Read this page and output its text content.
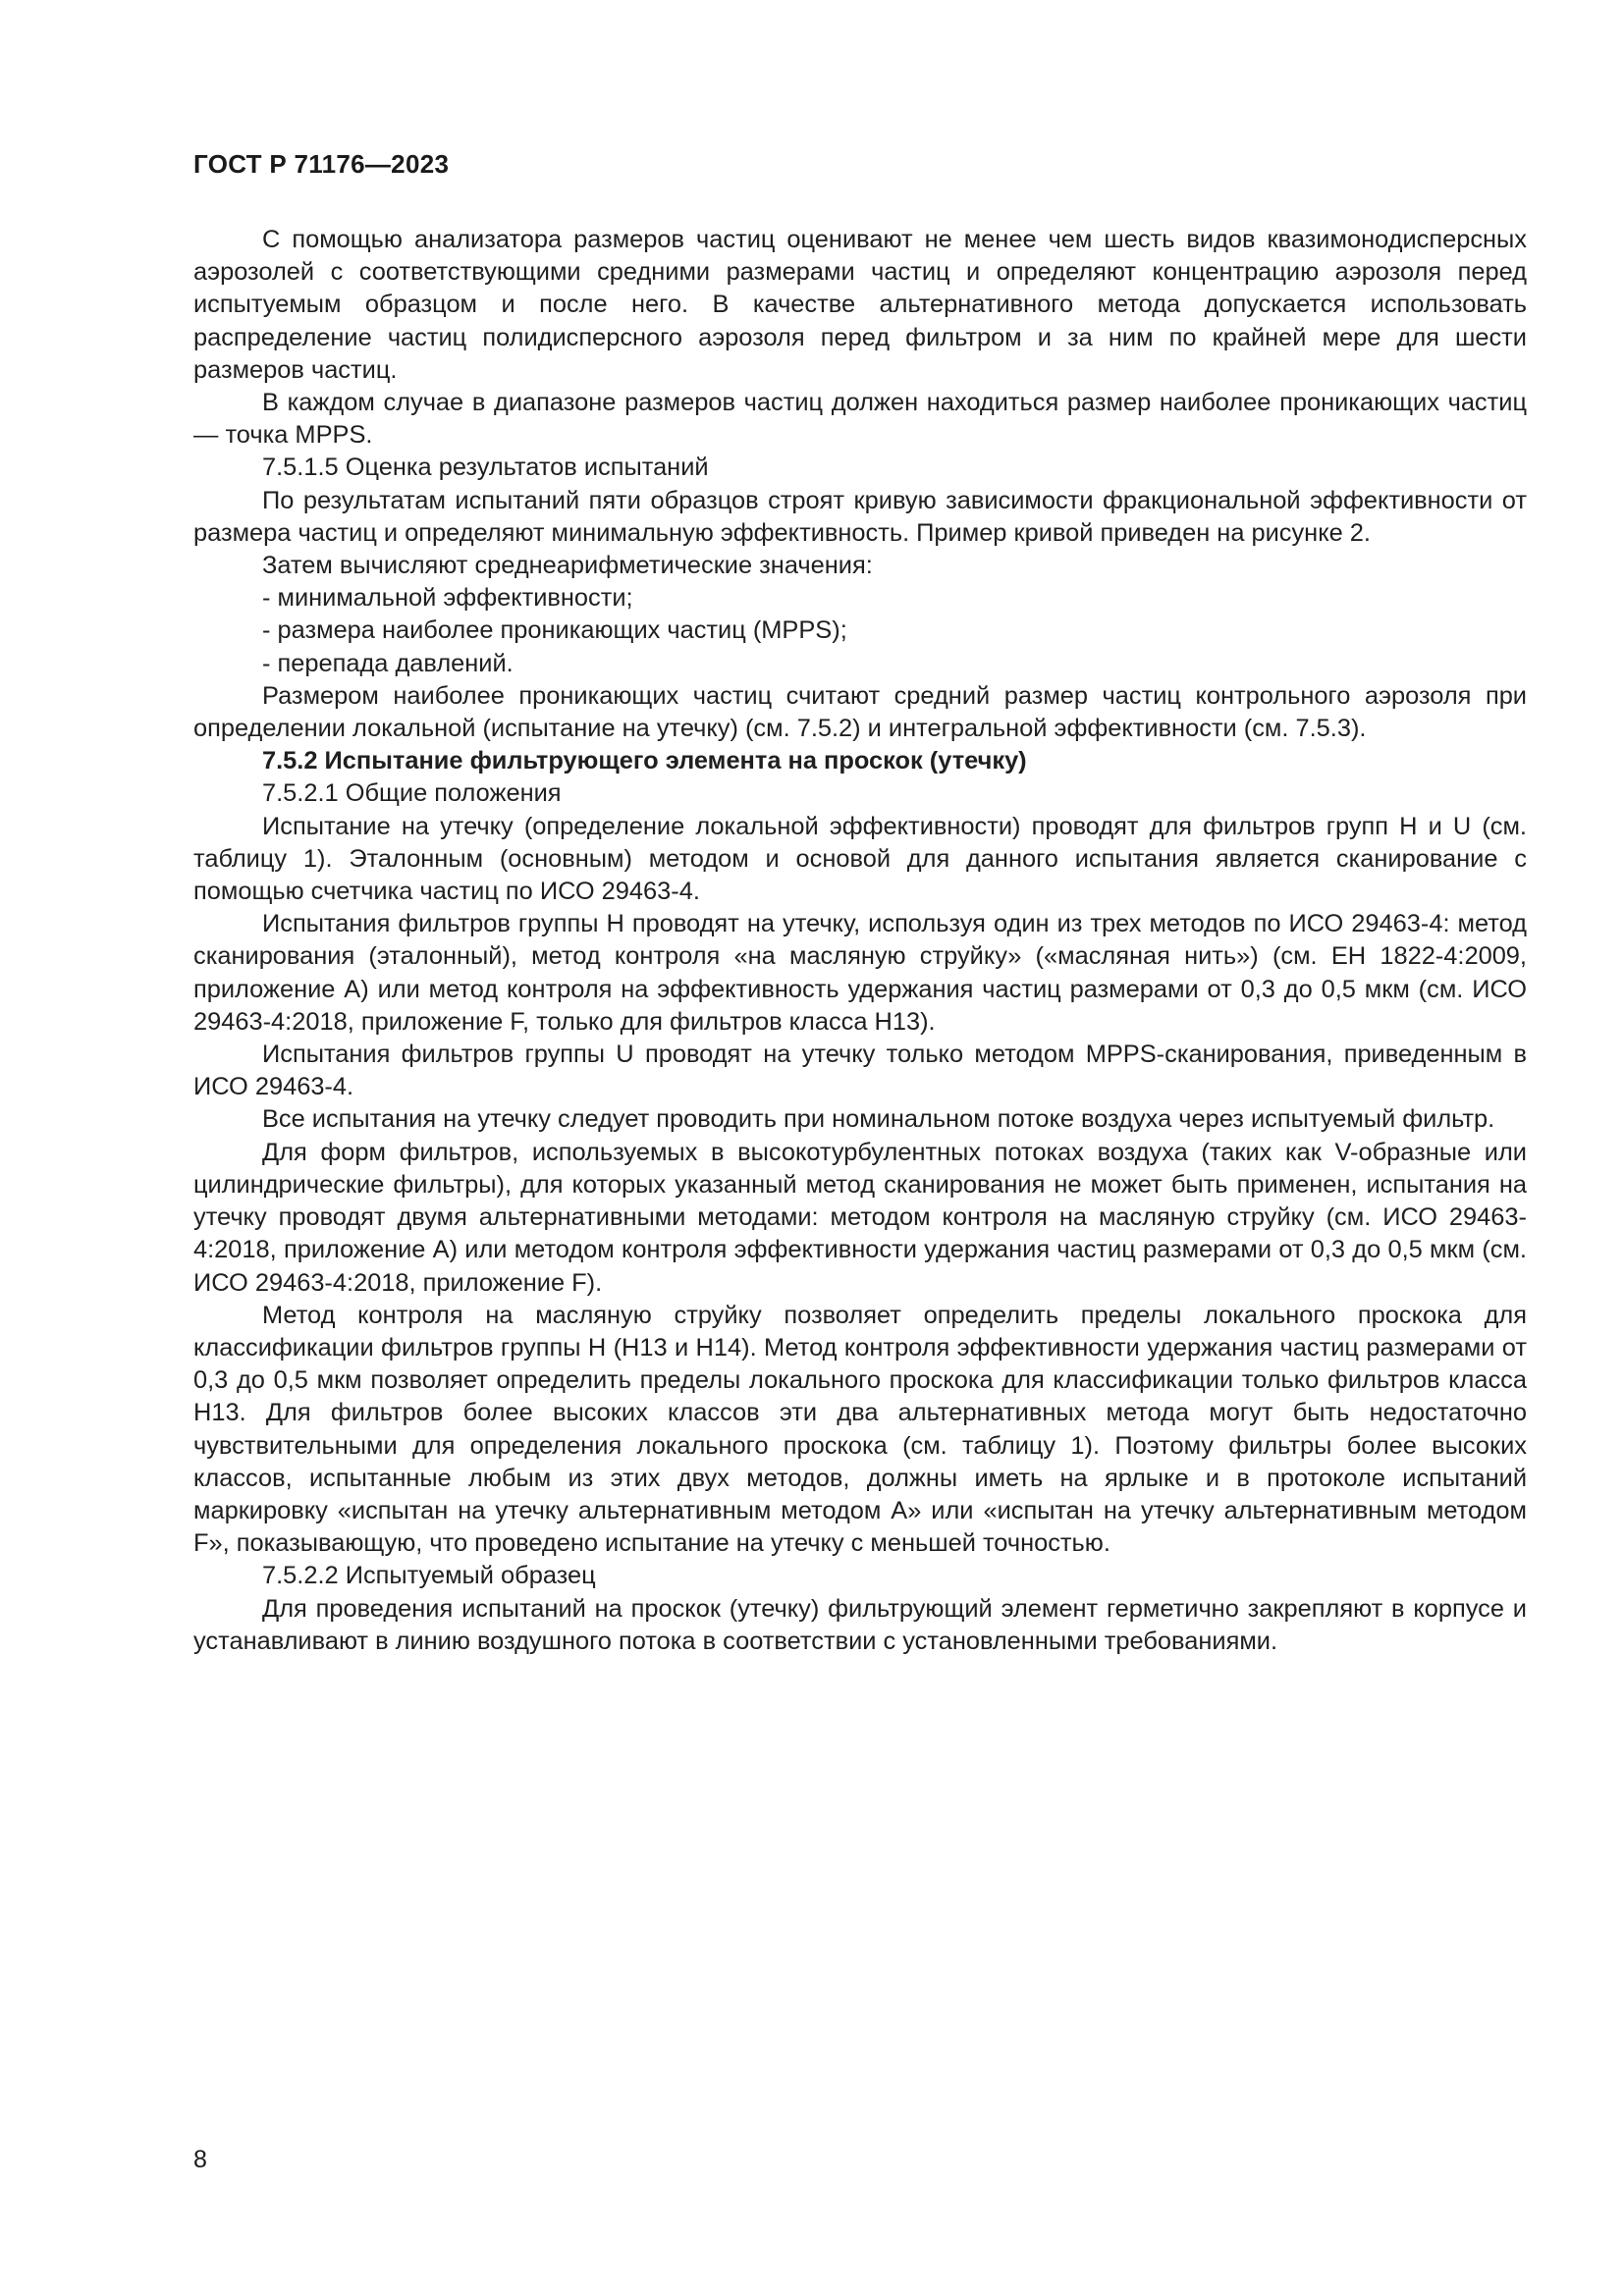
ГОСТ Р 71176—2023

С помощью анализатора размеров частиц оценивают не менее чем шесть видов квазимонодисперсных аэрозолей с соответствующими средними размерами частиц и определяют концентрацию аэрозоля перед испытуемым образцом и после него. В качестве альтернативного метода допускается использовать распределение частиц полидисперсного аэрозоля перед фильтром и за ним по крайней мере для шести размеров частиц.

В каждом случае в диапазоне размеров частиц должен находиться размер наиболее проникающих частиц — точка MPPS.

7.5.1.5 Оценка результатов испытаний

По результатам испытаний пяти образцов строят кривую зависимости фракциональной эффективности от размера частиц и определяют минимальную эффективность. Пример кривой приведен на рисунке 2.

Затем вычисляют среднеарифметические значения:

- минимальной эффективности;

- размера наиболее проникающих частиц (MPPS);

- перепада давлений.

Размером наиболее проникающих частиц считают средний размер частиц контрольного аэрозоля при определении локальной (испытание на утечку) (см. 7.5.2) и интегральной эффективности (см. 7.5.3).

7.5.2 Испытание фильтрующего элемента на проскок (утечку)

7.5.2.1 Общие положения

Испытание на утечку (определение локальной эффективности) проводят для фильтров групп Н и U (см. таблицу 1). Эталонным (основным) методом и основой для данного испытания является сканирование с помощью счетчика частиц по ИСО 29463-4.

Испытания фильтров группы Н проводят на утечку, используя один из трех методов по ИСО 29463-4: метод сканирования (эталонный), метод контроля «на масляную струйку» («масляная нить») (см. ЕН 1822-4:2009, приложение А) или метод контроля на эффективность удержания частиц размерами от 0,3 до 0,5 мкм (см. ИСО 29463-4:2018, приложение F, только для фильтров класса Н13).

Испытания фильтров группы U проводят на утечку только методом MPPS-сканирования, приведенным в ИСО 29463-4.

Все испытания на утечку следует проводить при номинальном потоке воздуха через испытуемый фильтр.

Для форм фильтров, используемых в высокотурбулентных потоках воздуха (таких как V-образные или цилиндрические фильтры), для которых указанный метод сканирования не может быть применен, испытания на утечку проводят двумя альтернативными методами: методом контроля на масляную струйку (см. ИСО 29463-4:2018, приложение А) или методом контроля эффективности удержания частиц размерами от 0,3 до 0,5 мкм (см. ИСО 29463-4:2018, приложение F).

Метод контроля на масляную струйку позволяет определить пределы локального проскока для классификации фильтров группы Н (Н13 и Н14). Метод контроля эффективности удержания частиц размерами от 0,3 до 0,5 мкм позволяет определить пределы локального проскока для классификации только фильтров класса Н13. Для фильтров более высоких классов эти два альтернативных метода могут быть недостаточно чувствительными для определения локального проскока (см. таблицу 1). Поэтому фильтры более высоких классов, испытанные любым из этих двух методов, должны иметь на ярлыке и в протоколе испытаний маркировку «испытан на утечку альтернативным методом А» или «испытан на утечку альтернативным методом F», показывающую, что проведено испытание на утечку с меньшей точностью.

7.5.2.2 Испытуемый образец

Для проведения испытаний на проскок (утечку) фильтрующий элемент герметично закрепляют в корпусе и устанавливают в линию воздушного потока в соответствии с установленными требованиями.

8
